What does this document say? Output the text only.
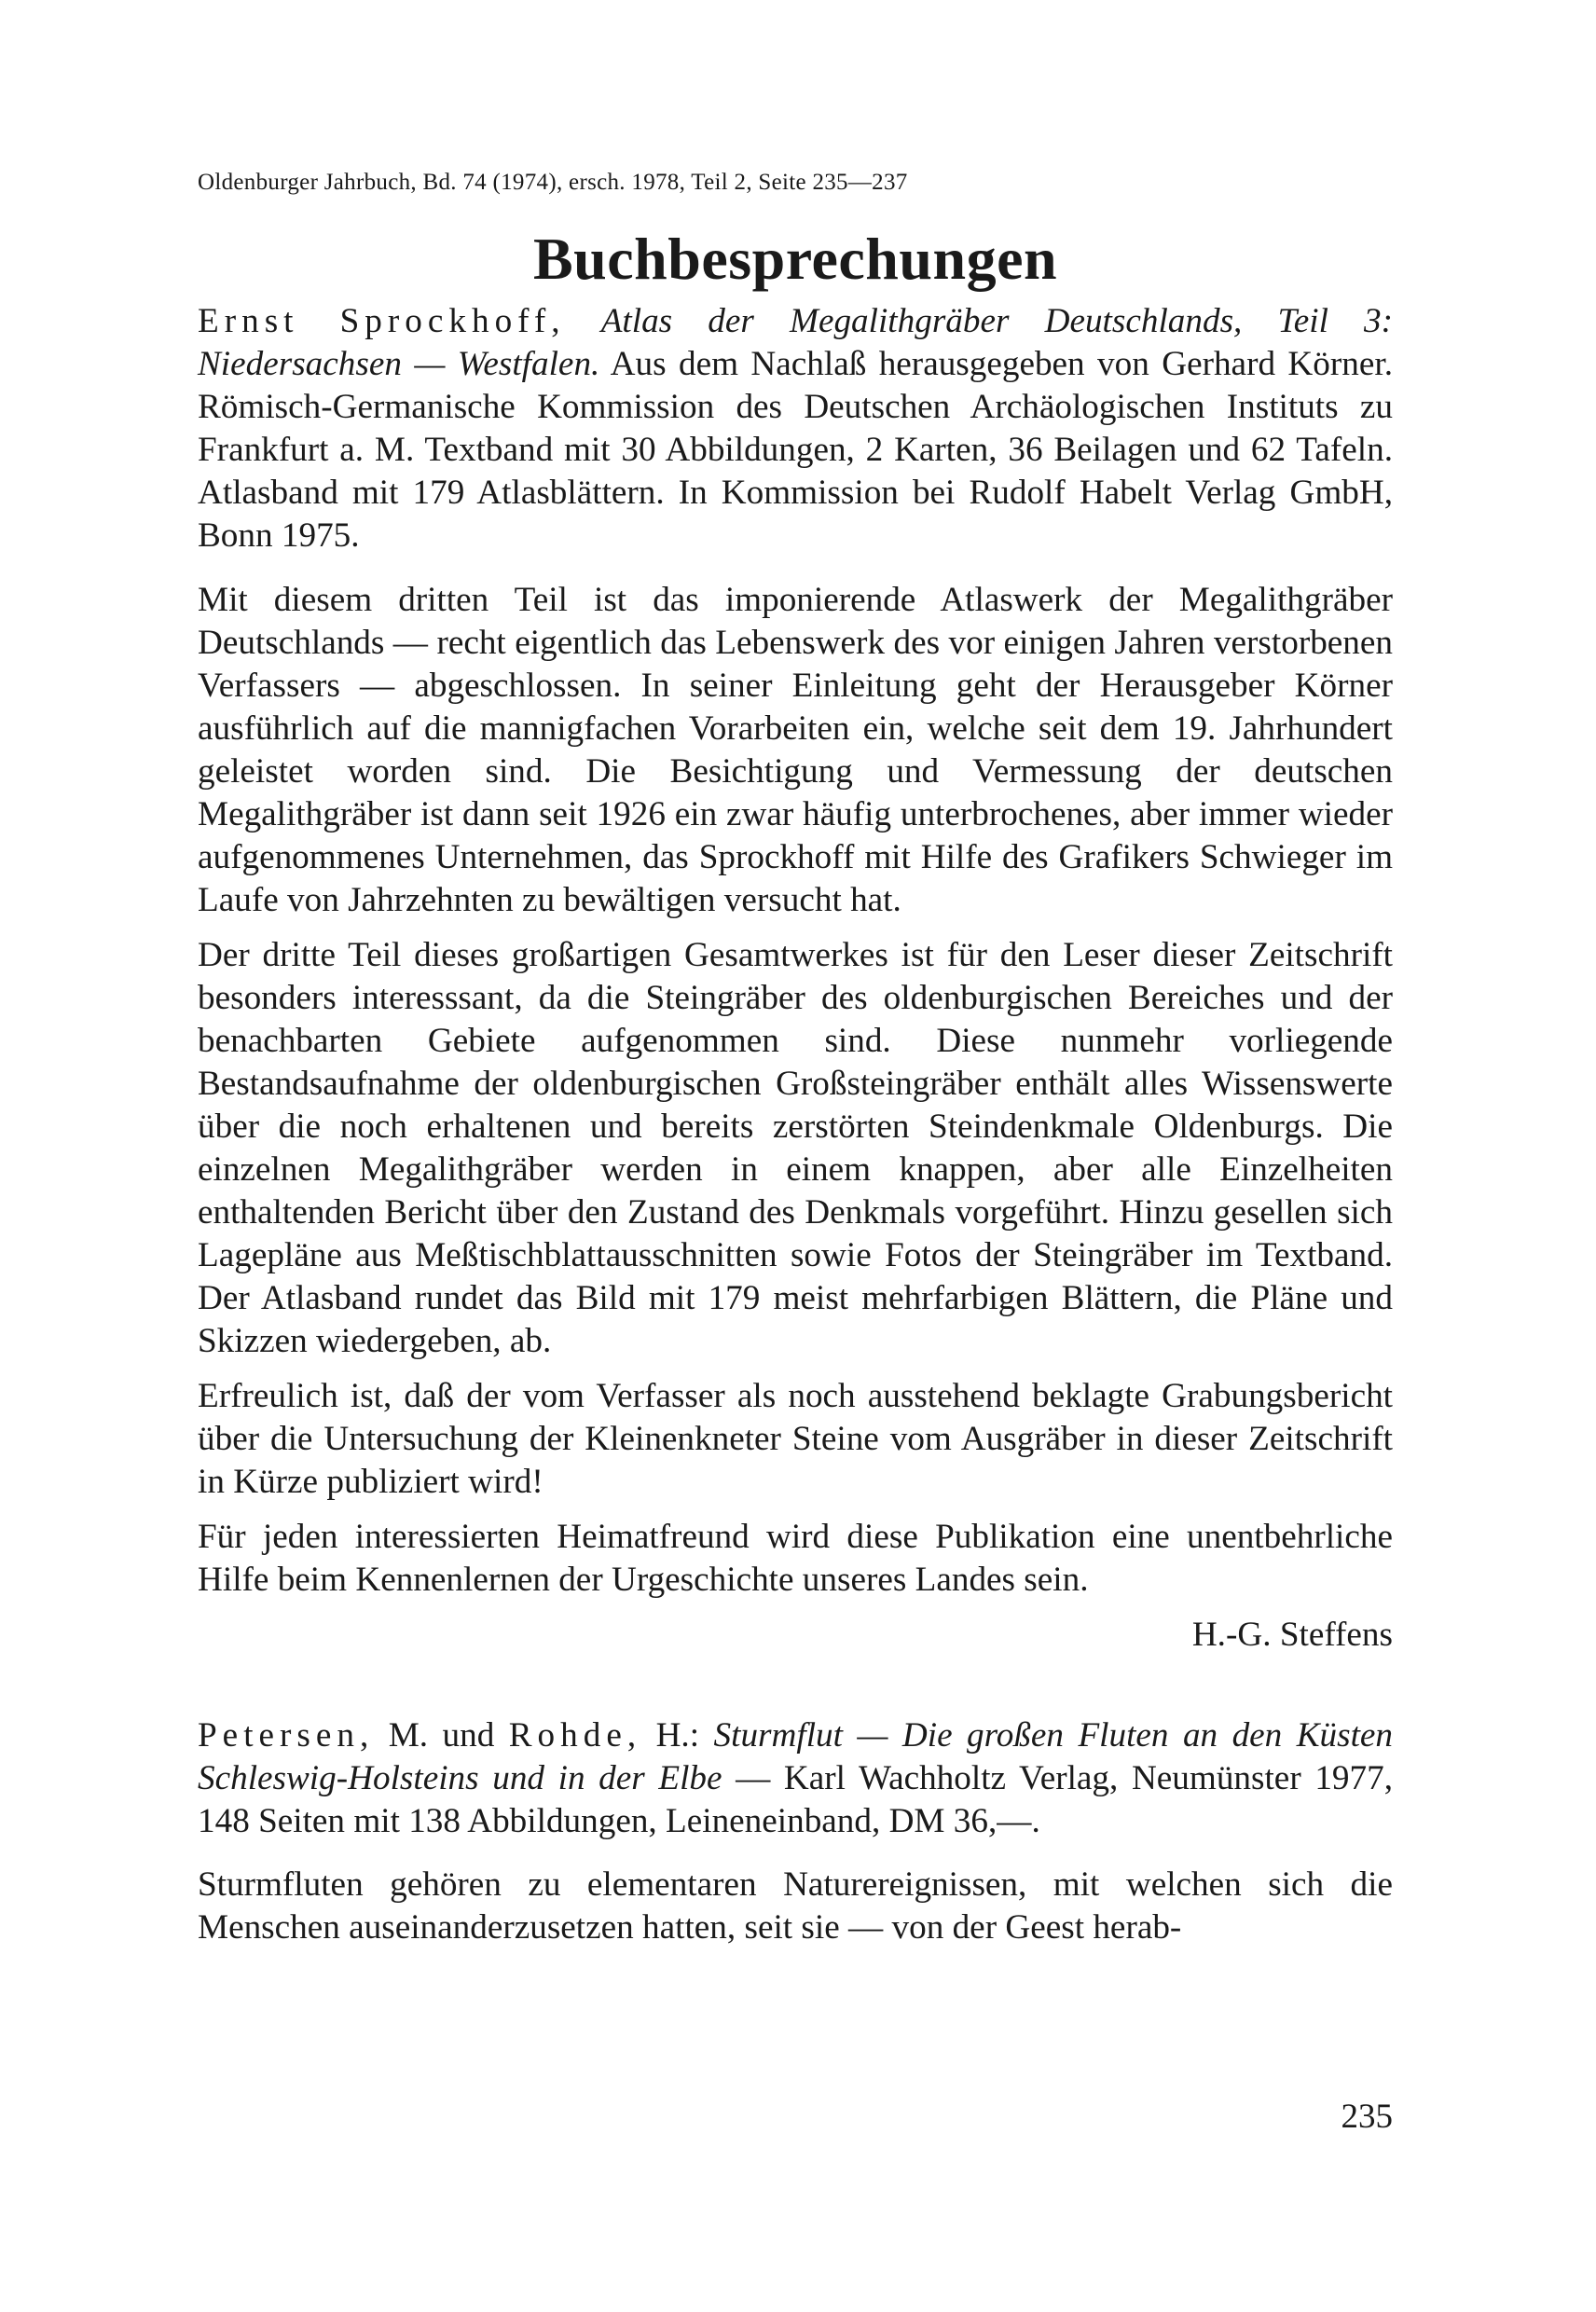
Oldenburger Jahrbuch, Bd. 74 (1974), ersch. 1978, Teil 2, Seite 235—237
Buchbesprechungen
Ernst Sprockhoff, Atlas der Megalithgräber Deutschlands, Teil 3: Niedersachsen — Westfalen. Aus dem Nachlaß herausgegeben von Gerhard Körner. Römisch-Germanische Kommission des Deutschen Archäologischen Instituts zu Frankfurt a. M. Textband mit 30 Abbildungen, 2 Karten, 36 Beilagen und 62 Tafeln. Atlasband mit 179 Atlasblättern. In Kommission bei Rudolf Habelt Verlag GmbH, Bonn 1975.
Mit diesem dritten Teil ist das imponierende Atlaswerk der Megalithgräber Deutschlands — recht eigentlich das Lebenswerk des vor einigen Jahren verstorbenen Verfassers — abgeschlossen. In seiner Einleitung geht der Herausgeber Körner ausführlich auf die mannigfachen Vorarbeiten ein, welche seit dem 19. Jahrhundert geleistet worden sind. Die Besichtigung und Vermessung der deutschen Megalithgräber ist dann seit 1926 ein zwar häufig unterbrochenes, aber immer wieder aufgenommenes Unternehmen, das Sprockhoff mit Hilfe des Grafikers Schwieger im Laufe von Jahrzehnten zu bewältigen versucht hat.
Der dritte Teil dieses großartigen Gesamtwerkes ist für den Leser dieser Zeitschrift besonders interesssant, da die Steingräber des oldenburgischen Bereiches und der benachbarten Gebiete aufgenommen sind. Diese nunmehr vorliegende Bestandsaufnahme der oldenburgischen Großsteingräber enthält alles Wissenswerte über die noch erhaltenen und bereits zerstörten Steindenkmale Oldenburgs. Die einzelnen Megalithgräber werden in einem knappen, aber alle Einzelheiten enthaltenden Bericht über den Zustand des Denkmals vorgeführt. Hinzu gesellen sich Lagepläne aus Meßtischblattausschnitten sowie Fotos der Steingräber im Textband. Der Atlasband rundet das Bild mit 179 meist mehrfarbigen Blättern, die Pläne und Skizzen wiedergeben, ab.
Erfreulich ist, daß der vom Verfasser als noch ausstehend beklagte Grabungsbericht über die Untersuchung der Kleinenkneter Steine vom Ausgräber in dieser Zeitschrift in Kürze publiziert wird!
Für jeden interessierten Heimatfreund wird diese Publikation eine unentbehrliche Hilfe beim Kennenlernen der Urgeschichte unseres Landes sein.
H.-G. Steffens
Petersen, M. und Rohde, H.: Sturmflut — Die großen Fluten an den Küsten Schleswig-Holsteins und in der Elbe — Karl Wachholtz Verlag, Neumünster 1977, 148 Seiten mit 138 Abbildungen, Leineneinband, DM 36,—.
Sturmfluten gehören zu elementaren Naturereignissen, mit welchen sich die Menschen auseinanderzusetzen hatten, seit sie — von der Geest herab-
235
